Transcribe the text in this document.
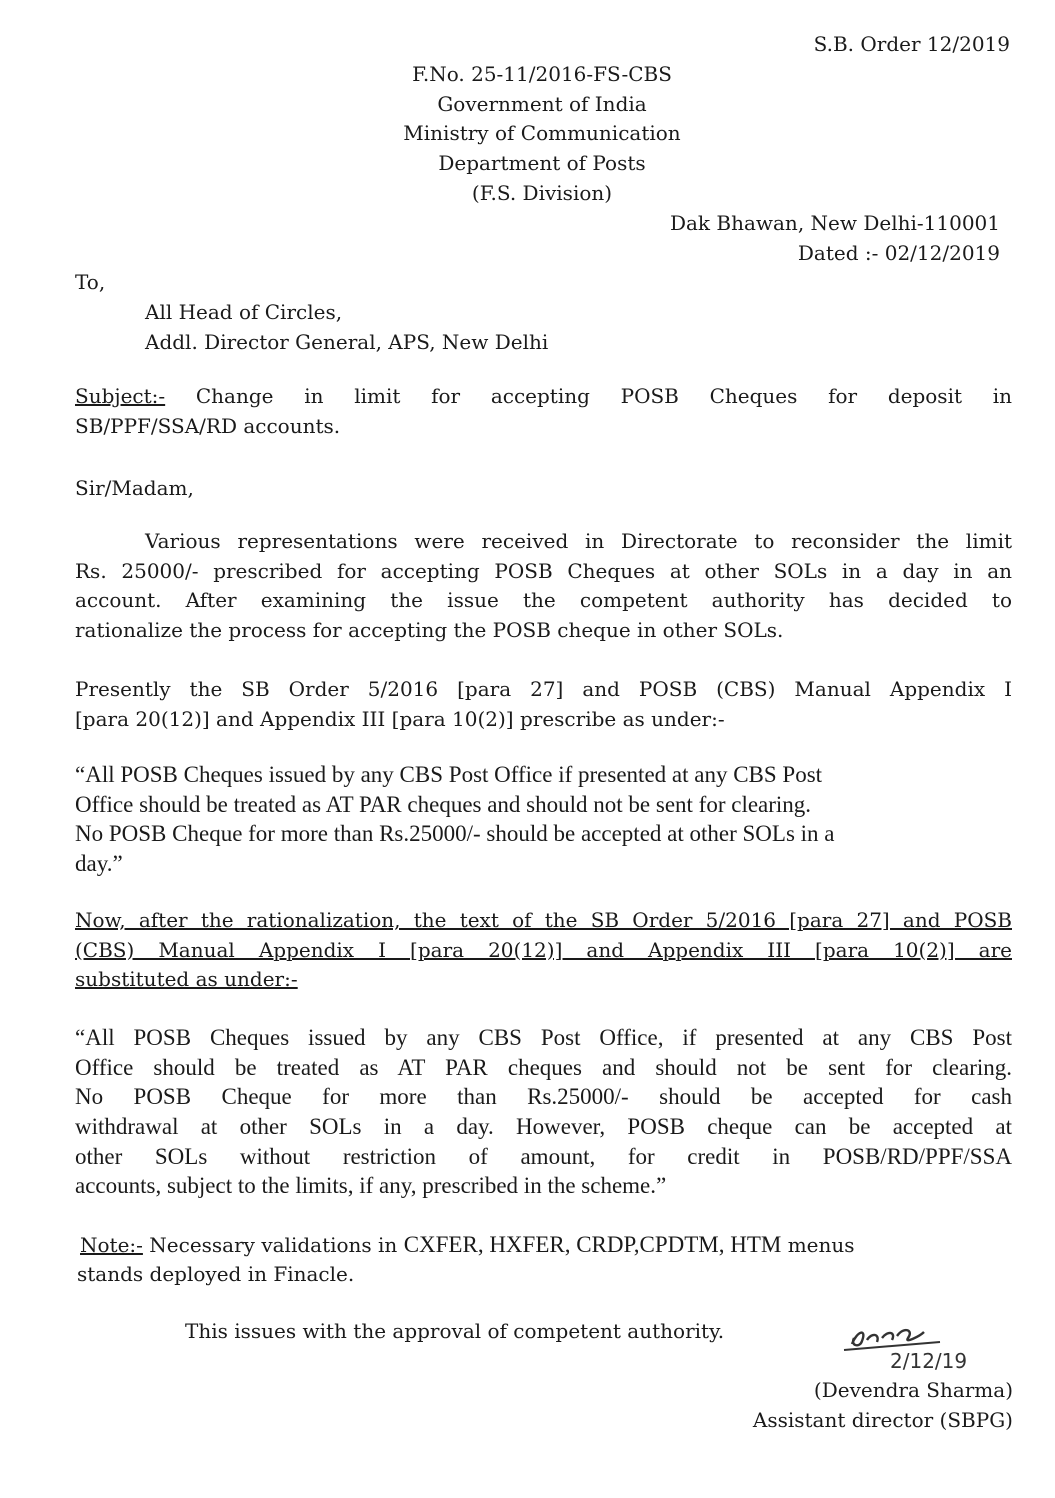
S.B. Order 12/2019
F.No. 25-11/2016-FS-CBS
Government of India
Ministry of Communication
Department of Posts
(F.S. Division)
Dak Bhawan, New Delhi-110001
Dated :- 02/12/2019
To,
All Head of Circles,
Addl. Director General, APS, New Delhi
Subject:- Change in limit for accepting POSB Cheques for deposit in
SB/PPF/SSA/RD accounts.
Sir/Madam,
Various representations were received in Directorate to reconsider the limit
Rs. 25000/- prescribed for accepting POSB Cheques at other SOLs in a day in an
account. After examining the issue the competent authority has decided to
rationalize the process for accepting the POSB cheque in other SOLs.
Presently the SB Order 5/2016 [para 27] and POSB (CBS) Manual Appendix I
[para 20(12)] and Appendix III [para 10(2)] prescribe as under:-
“All POSB Cheques issued by any CBS Post Office if presented at any CBS Post
Office should be treated as AT PAR cheques and should not be sent for clearing.
No POSB Cheque for more than Rs.25000/- should be accepted at other SOLs in a
day.”
Now, after the rationalization, the text of the SB Order 5/2016 [para 27] and POSB
(CBS) Manual Appendix I [para 20(12)] and Appendix III [para 10(2)] are
substituted as under:-
“All POSB Cheques issued by any CBS Post Office, if presented at any CBS Post
Office should be treated as AT PAR cheques and should not be sent for clearing.
No POSB Cheque for more than Rs.25000/- should be accepted for cash
withdrawal at other SOLs in a day. However, POSB cheque can be accepted at
other SOLs without restriction of amount, for credit in POSB/RD/PPF/SSA
accounts, subject to the limits, if any, prescribed in the scheme.”
Note:- Necessary validations in CXFER, HXFER, CRDP,CPDTM, HTM menus
stands deployed in Finacle.
This issues with the approval of competent authority.
2/12/19
(Devendra Sharma)
Assistant director (SBPG)
